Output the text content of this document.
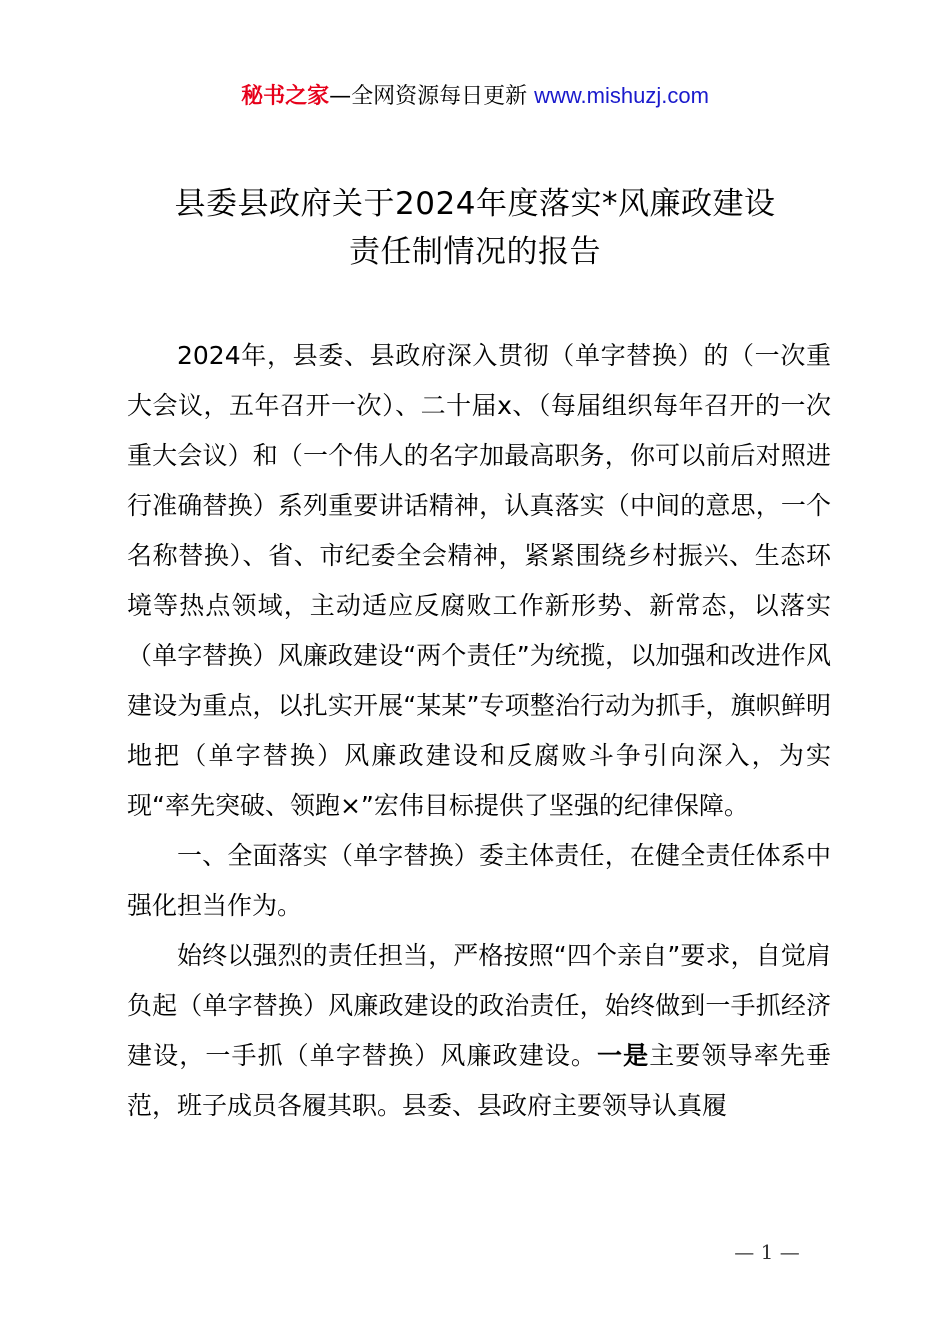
秘书之家—全网资源每日更新 www.mishuzj.com
县委县政府关于2024年度落实*风廉政建设
责任制情况的报告

2024年，县委、县政府深入贯彻（单字替换）的（一次重大会议，五年召开一次）、二十届x、（每届组织每年召开的一次重大会议）和（一个伟人的名字加最高职务，你可以前后对照进行准确替换）系列重要讲话精神，认真落实（中间的意思，一个名称替换）、省、市纪委全会精神，紧紧围绕乡村振兴、生态环境等热点领域，主动适应反腐败工作新形势、新常态，以落实（单字替换）风廉政建设“两个责任”为统揽，以加强和改进作风建设为重点，以扎实开展“某某”专项整治行动为抓手，旗帜鲜明地把（单字替换）风廉政建设和反腐败斗争引向深入，为实现“率先突破、领跑×”宏伟目标提供了坚强的纪律保障。

一、全面落实（单字替换）委主体责任，在健全责任体系中强化担当作为。

始终以强烈的责任担当，严格按照“四个亲自”要求，自觉肩负起（单字替换）风廉政建设的政治责任，始终做到一手抓经济建设，一手抓（单字替换）风廉政建设。一是主要领导率先垂范，班子成员各履其职。县委、县政府主要领导认真履

— 1 —
